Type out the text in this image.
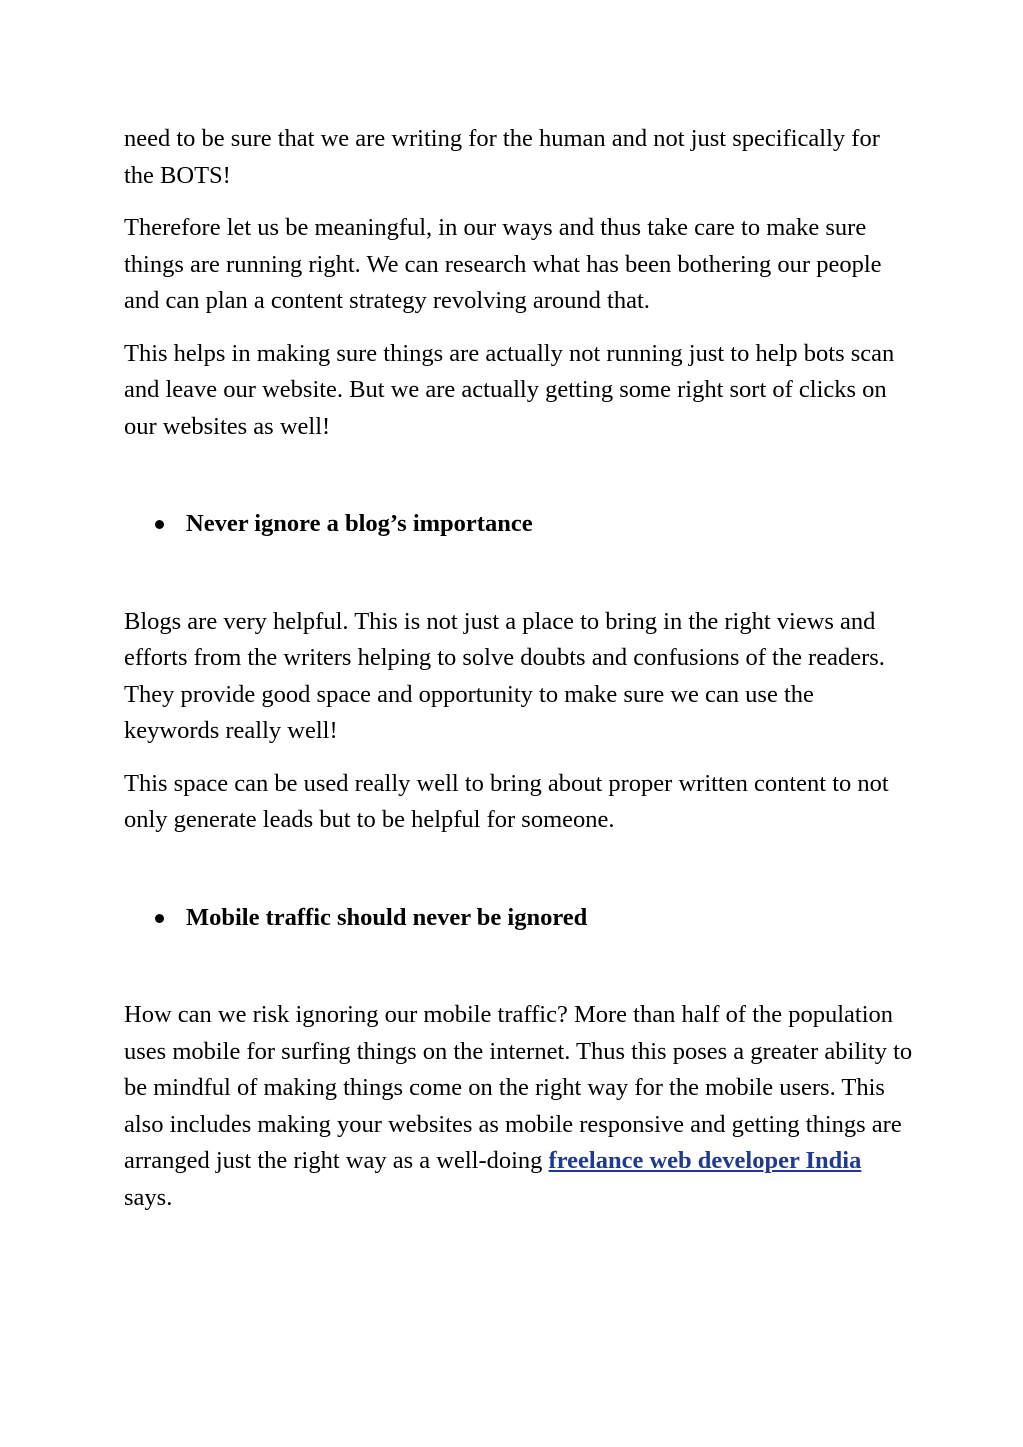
need to be sure that we are writing for the human and not just specifically for the BOTS!

Therefore let us be meaningful, in our ways and thus take care to make sure things are running right. We can research what has been bothering our people and can plan a content strategy revolving around that.

This helps in making sure things are actually not running just to help bots scan and leave our website. But we are actually getting some right sort of clicks on our websites as well!

Never ignore a blog’s importance

Blogs are very helpful. This is not just a place to bring in the right views and efforts from the writers helping to solve doubts and confusions of the readers. They provide good space and opportunity to make sure we can use the keywords really well!

This space can be used really well to bring about proper written content to not only generate leads but to be helpful for someone.

Mobile traffic should never be ignored

How can we risk ignoring our mobile traffic? More than half of the population uses mobile for surfing things on the internet. Thus this poses a greater ability to be mindful of making things come on the right way for the mobile users. This also includes making your websites as mobile responsive and getting things are arranged just the right way as a well-doing freelance web developer India says.
